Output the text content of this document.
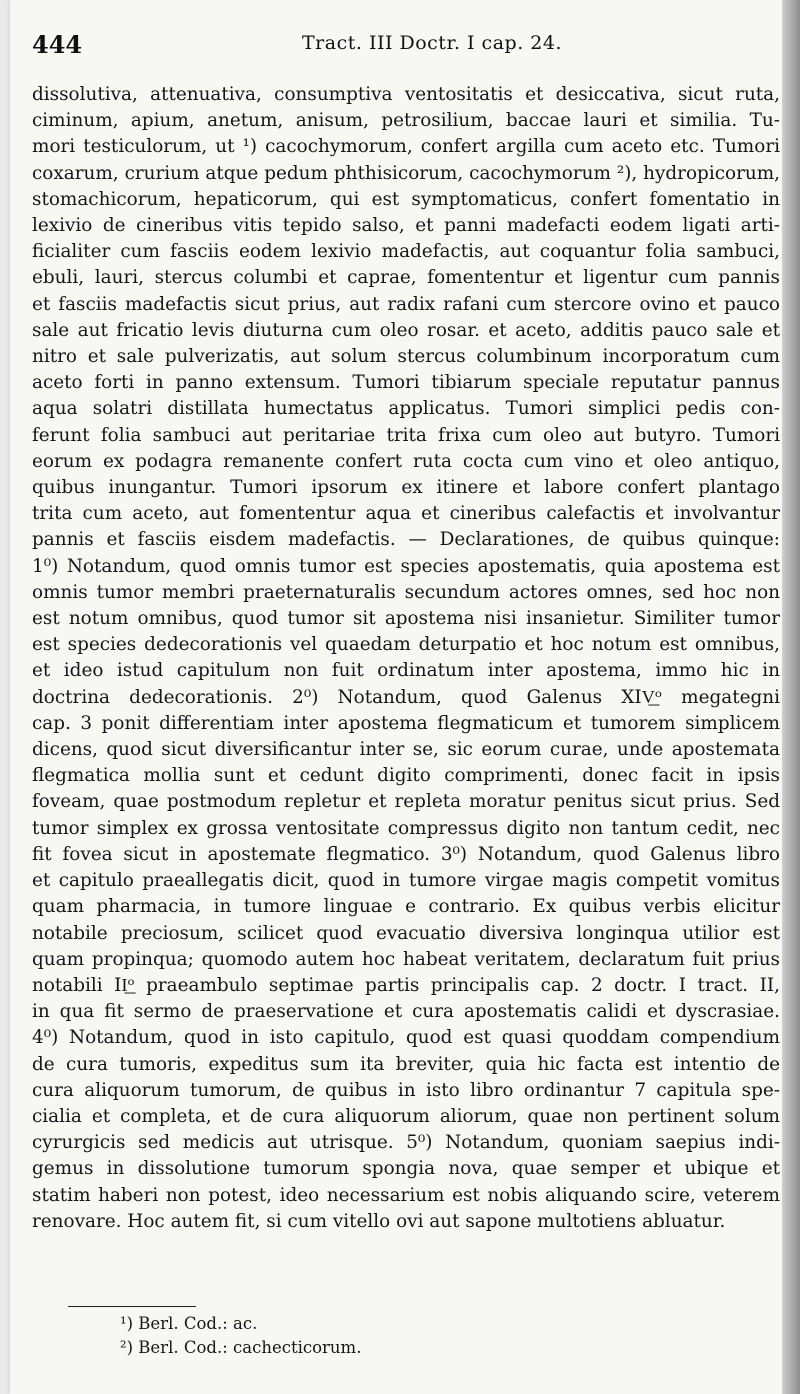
444	Tract. III Doctr. I cap. 24.
dissolutiva, attenuativa, consumptiva ventositatis et desiccativa, sicut ruta,
ciminum, apium, anetum, anisum, petrosilium, baccae lauri et similia. Tu-
mori testiculorum, ut ¹) cacochymorum, confert argilla cum aceto etc. Tumori
coxarum, crurium atque pedum phthisicorum, cacochymorum ²), hydropicorum,
stomachicorum, hepaticorum, qui est symptomaticus, confert fomentatio in
lexivio de cineribus vitis tepido salso, et panni madefacti eodem ligati arti-
ficialiter cum fasciis eodem lexivio madefactis, aut coquantur folia sambuci,
ebuli, lauri, stercus columbi et caprae, fomententur et ligentur cum pannis
et fasciis madefactis sicut prius, aut radix rafani cum stercore ovino et pauco
sale aut fricatio levis diuturna cum oleo rosar. et aceto, additis pauco sale et
nitro et sale pulverizatis, aut solum stercus columbinum incorporatum cum
aceto forti in panno extensum. Tumori tibiarum speciale reputatur pannus
aqua solatri distillata humectatus applicatus. Tumori simplici pedis con-
ferunt folia sambuci aut peritariae trita frixa cum oleo aut butyro. Tumori
eorum ex podagra remanente confert ruta cocta cum vino et oleo antiquo,
quibus inungantur. Tumori ipsorum ex itinere et labore confert plantago
trita cum aceto, aut fomententur aqua et cineribus calefactis et involvantur
pannis et fasciis eisdem madefactis. — Declarationes, de quibus quinque:
1⁰) Notandum, quod omnis tumor est species apostematis, quia apostema est
omnis tumor membri praeternaturalis secundum actores omnes, sed hoc non
est notum omnibus, quod tumor sit apostema nisi insanietur. Similiter tumor
est species dedecorationis vel quaedam deturpatio et hoc notum est omnibus,
et ideo istud capitulum non fuit ordinatum inter apostema, immo hic in
doctrina dedecorationis. 2⁰) Notandum, quod Galenus XIV͟ᵒ megategni
cap. 3 ponit differentiam inter apostema flegmaticum et tumorem simplicem
dicens, quod sicut diversificantur inter se, sic eorum curae, unde apostemata
flegmatica mollia sunt et cedunt digito comprimenti, donec facit in ipsis
foveam, quae postmodum repletur et repleta moratur penitus sicut prius. Sed
tumor simplex ex grossa ventositate compressus digito non tantum cedit, nec
fit fovea sicut in apostemate flegmatico. 3⁰) Notandum, quod Galenus libro
et capitulo praeallegatis dicit, quod in tumore virgae magis competit vomitus
quam pharmacia, in tumore linguae e contrario. Ex quibus verbis elicitur
notabile preciosum, scilicet quod evacuatio diversiva longinqua utilior est
quam propinqua; quomodo autem hoc habeat veritatem, declaratum fuit prius
notabili II͟ᵒ praeambulo septimae partis principalis cap. 2 doctr. I tract. II,
in qua fit sermo de praeservatione et cura apostematis calidi et dyscrasiae.
4⁰) Notandum, quod in isto capitulo, quod est quasi quoddam compendium
de cura tumoris, expeditus sum ita breviter, quia hic facta est intentio de
cura aliquorum tumorum, de quibus in isto libro ordinantur 7 capitula spe-
cialia et completa, et de cura aliquorum aliorum, quae non pertinent solum
cyrurgicis sed medicis aut utrisque. 5⁰) Notandum, quoniam saepius indi-
gemus in dissolutione tumorum spongia nova, quae semper et ubique et
statim haberi non potest, ideo necessarium est nobis aliquando scire, veterem
renovare. Hoc autem fit, si cum vitello ovi aut sapone multotiens abluatur.
¹) Berl. Cod.: ac.
²) Berl. Cod.: cachecticorum.
